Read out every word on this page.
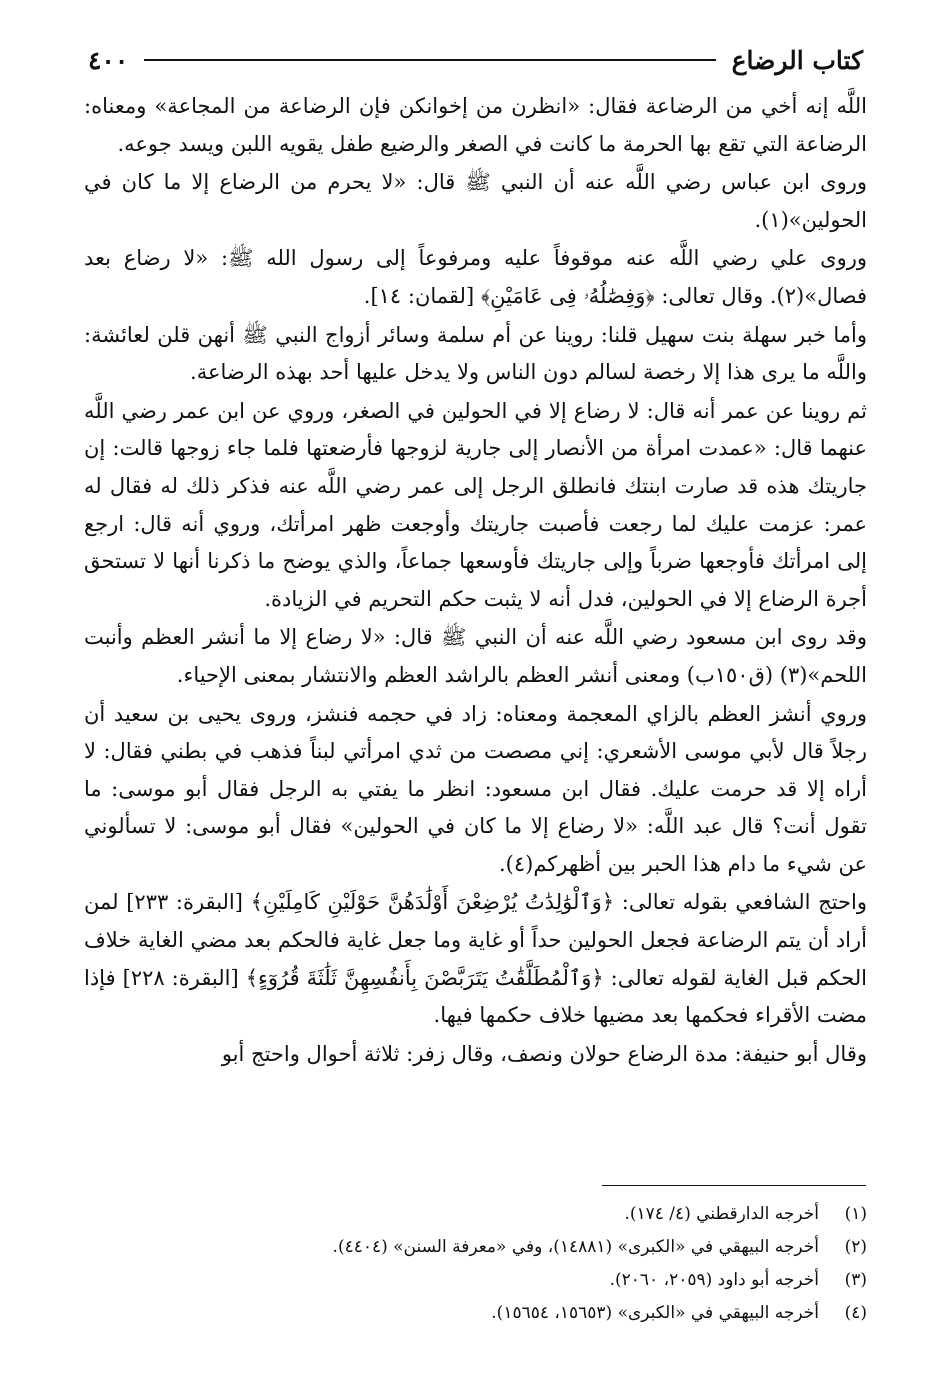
كتاب الرضاع
٤٠٠

اللَّه إنه أخي من الرضاعة فقال: «انظرن من إخوانكن فإن الرضاعة من المجاعة» ومعناه: الرضاعة التي تقع بها الحرمة ما كانت في الصغر والرضيع طفل يقويه اللبن ويسد جوعه.

وروى ابن عباس رضي اللَّه عنه أن النبي ﷺ قال: «لا يحرم من الرضاع إلا ما كان في الحولين»(١).

وروى علي رضي اللَّه عنه موقوفاً عليه ومرفوعاً إلى رسول الله ﷺ: «لا رضاع بعد فصال»(٢). وقال تعالى: ﴿وَفِصَٰلُهُۥ فِى عَامَيْنِ﴾ [لقمان: ١٤].

وأما خبر سهلة بنت سهيل قلنا: روينا عن أم سلمة وسائر أزواج النبي ﷺ أنهن قلن لعائشة: واللَّه ما يرى هذا إلا رخصة لسالم دون الناس ولا يدخل عليها أحد بهذه الرضاعة.

ثم روينا عن عمر أنه قال: لا رضاع إلا في الحولين في الصغر، وروي عن ابن عمر رضي اللَّه عنهما قال: «عمدت امرأة من الأنصار إلى جارية لزوجها فأرضعتها فلما جاء زوجها قالت: إن جاريتك هذه قد صارت ابنتك فانطلق الرجل إلى عمر رضي اللَّه عنه فذكر ذلك له فقال له عمر: عزمت عليك لما رجعت فأصبت جاريتك وأوجعت ظهر امرأتك، وروي أنه قال: ارجع إلى امرأتك فأوجعها ضرباً وإلى جاريتك فأوسعها جماعاً، والذي يوضح ما ذكرنا أنها لا تستحق أجرة الرضاع إلا في الحولين، فدل أنه لا يثبت حكم التحريم في الزيادة.

وقد روى ابن مسعود رضي اللَّه عنه أن النبي ﷺ قال: «لا رضاع إلا ما أنشر العظم وأنبت اللحم»(٣) (ق١٥٠ب) ومعنى أنشر العظم بالراشد العظم والانتشار بمعنى الإحياء.

وروي أنشز العظم بالزاي المعجمة ومعناه: زاد في حجمه فنشز، وروى يحيى بن سعيد أن رجلاً قال لأبي موسى الأشعري: إني مصصت من ثدي امرأتي لبناً فذهب في بطني فقال: لا أراه إلا قد حرمت عليك. فقال ابن مسعود: انظر ما يفتي به الرجل فقال أبو موسى: ما تقول أنت؟ قال عبد اللَّه: «لا رضاع إلا ما كان في الحولين» فقال أبو موسى: لا تسألوني عن شيء ما دام هذا الحبر بين أظهركم(٤).

واحتج الشافعي بقوله تعالى: ﴿وَٱلْوَٰلِدَٰتُ يُرْضِعْنَ أَوْلَٰدَهُنَّ حَوْلَيْنِ كَامِلَيْنِ﴾ [البقرة: ٢٣٣] لمن أراد أن يتم الرضاعة فجعل الحولين حداً أو غاية وما جعل غاية فالحكم بعد مضي الغاية خلاف الحكم قبل الغاية لقوله تعالى: ﴿وَٱلْمُطَلَّقَٰتُ يَتَرَبَّصْنَ بِأَنفُسِهِنَّ ثَلَٰثَةَ قُرُوٓءٍ﴾ [البقرة: ٢٢٨] فإذا مضت الأقراء فحكمها بعد مضيها خلاف حكمها فيها.

وقال أبو حنيفة: مدة الرضاع حولان ونصف، وقال زفر: ثلاثة أحوال واحتج أبو

(١)
أخرجه الدارقطني (٤/ ١٧٤).
(٢)
أخرجه البيهقي في «الكبرى» (١٤٨٨١)، وفي «معرفة السنن» (٤٤٠٤).
(٣)
أخرجه أبو داود (٢٠٥٩، ٢٠٦٠).
(٤)
أخرجه البيهقي في «الكبرى» (١٥٦٥٣، ١٥٦٥٤).
